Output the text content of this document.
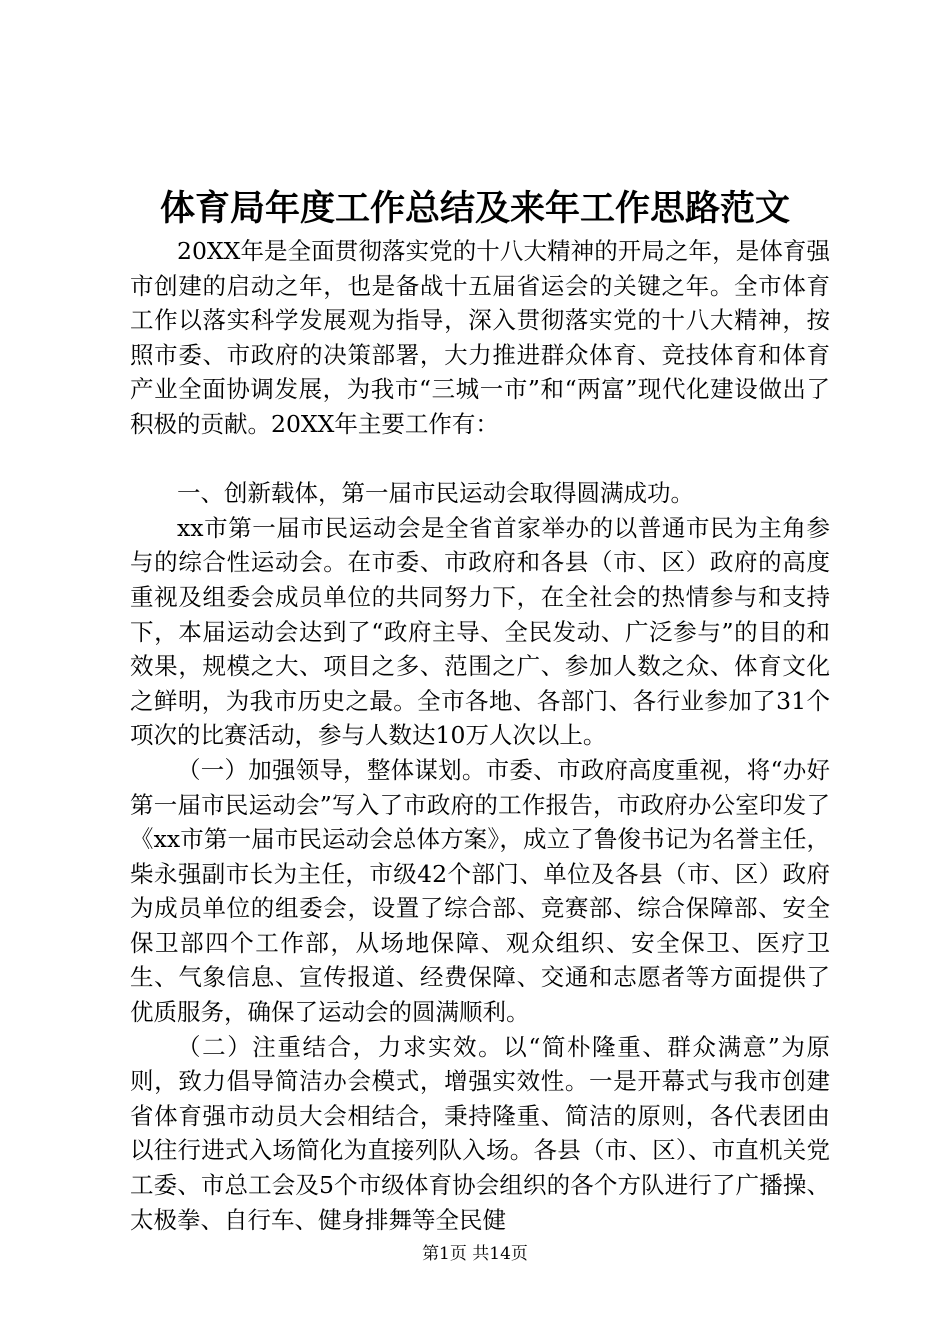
体育局年度工作总结及来年工作思路范文

20XX年是全面贯彻落实党的十八大精神的开局之年，是体育强市创建的启动之年，也是备战十五届省运会的关键之年。全市体育工作以落实科学发展观为指导，深入贯彻落实党的十八大精神，按照市委、市政府的决策部署，大力推进群众体育、竞技体育和体育产业全面协调发展，为我市“三城一市”和“两富”现代化建设做出了积极的贡献。20XX年主要工作有：

一、创新载体，第一届市民运动会取得圆满成功。

xx市第一届市民运动会是全省首家举办的以普通市民为主角参与的综合性运动会。在市委、市政府和各县（市、区）政府的高度重视及组委会成员单位的共同努力下，在全社会的热情参与和支持下，本届运动会达到了“政府主导、全民发动、广泛参与”的目的和效果，规模之大、项目之多、范围之广、参加人数之众、体育文化之鲜明，为我市历史之最。全市各地、各部门、各行业参加了31个项次的比赛活动，参与人数达10万人次以上。

（一）加强领导，整体谋划。市委、市政府高度重视，将“办好第一届市民运动会”写入了市政府的工作报告，市政府办公室印发了《xx市第一届市民运动会总体方案》，成立了鲁俊书记为名誉主任，柴永强副市长为主任，市级42个部门、单位及各县（市、区）政府为成员单位的组委会，设置了综合部、竞赛部、综合保障部、安全保卫部四个工作部，从场地保障、观众组织、安全保卫、医疗卫生、气象信息、宣传报道、经费保障、交通和志愿者等方面提供了优质服务，确保了运动会的圆满顺利。

（二）注重结合，力求实效。以“简朴隆重、群众满意”为原则，致力倡导简洁办会模式，增强实效性。一是开幕式与我市创建省体育强市动员大会相结合，秉持隆重、简洁的原则，各代表团由以往行进式入场简化为直接列队入场。各县（市、区）、市直机关党工委、市总工会及5个市级体育协会组织的各个方队进行了广播操、太极拳、自行车、健身排舞等全民健

第1页 共14页
